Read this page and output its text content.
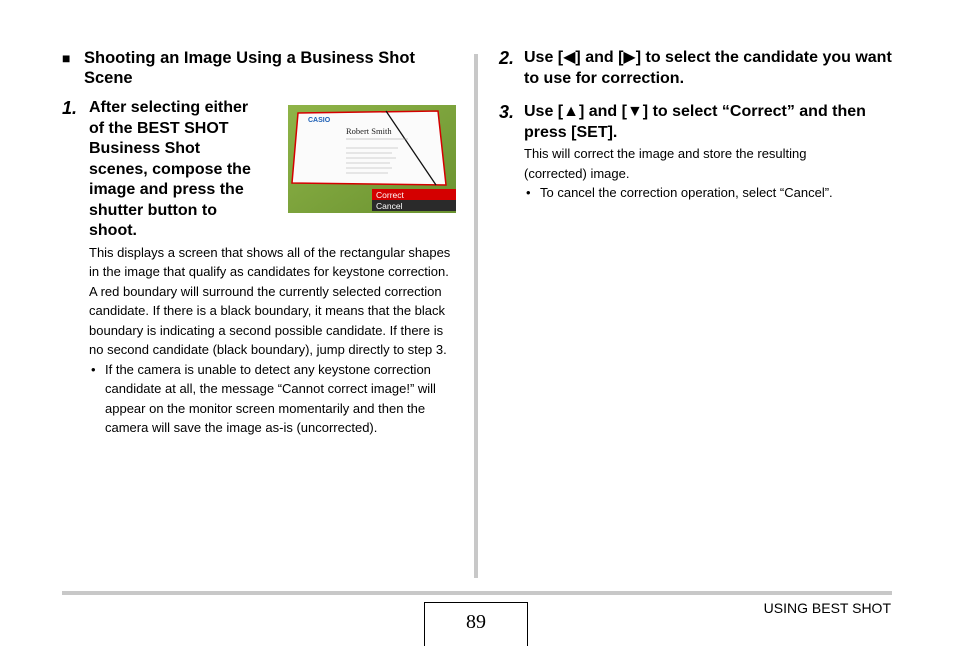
■ Shooting an Image Using a Business Shot Scene
1. After selecting either of the BEST SHOT Business Shot scenes, compose the image and press the shutter button to shoot.
This displays a screen that shows all of the rectangular shapes in the image that qualify as candidates for keystone correction.
A red boundary will surround the currently selected correction candidate. If there is a black boundary, it means that the black boundary is indicating a second possible candidate. If there is no second candidate (black boundary), jump directly to step 3.
• If the camera is unable to detect any keystone correction candidate at all, the message “Cannot correct image!” will appear on the monitor screen momentarily and then the camera will save the image as-is (uncorrected).
CASIO
Robert Smith
Correct
Cancel
2. Use [◀] and [▶] to select the candidate you want to use for correction.
3. Use [▲] and [▼] to select “Correct” and then press [SET].
This will correct the image and store the resulting (corrected) image.
• To cancel the correction operation, select “Cancel”.
89
USING BEST SHOT
